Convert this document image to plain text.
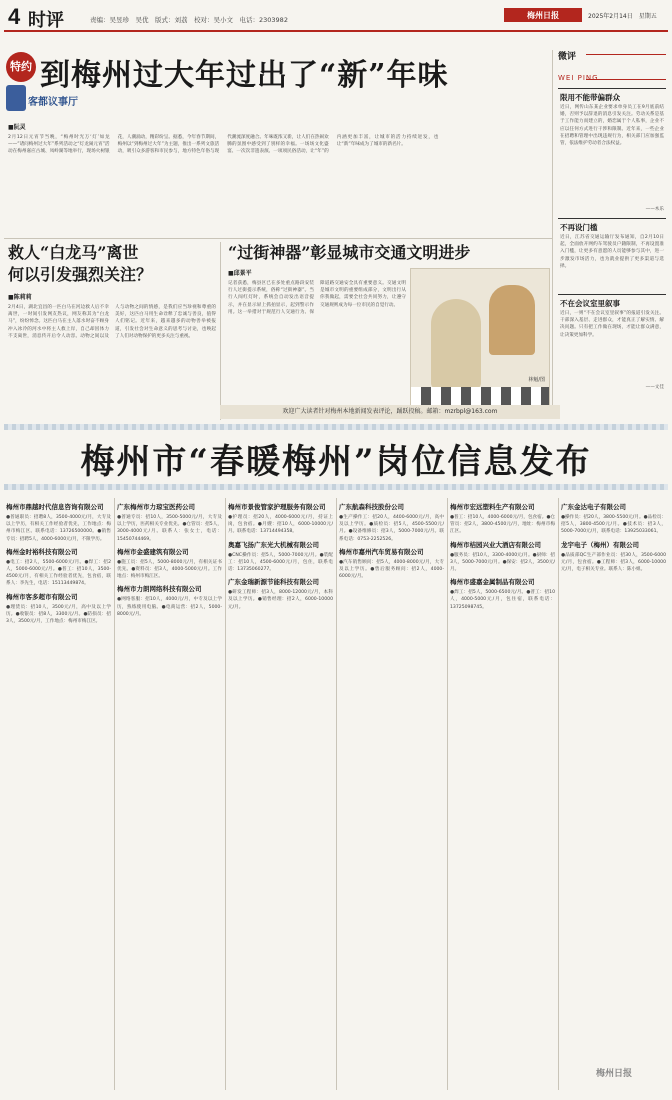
4 时评	责编：吴昱珍　吴优　版式：刘荔　校对：吴小文　电话：2303982	梅州日报	2025年2月14日　星期五
特约 到梅州过大年过出了“新”年味
客都议事厅
■阮灵
2月12日元宵节当晚，“梅州时光万‘灯’如龙——”诸问梅州过大年”系列活动之“灯龙闹元宵”活动在梅州嘉应古城、凤岭湖等地举行，现场火树银花，人潮涌动，精彩纷呈。据悉，今年春节期间，梅州以“到梅州过大年”为主题，推出一系列文旅活动，吸引众多游客和市民参与，地方特色年俗与现代潮流深度融合。年味既浓又新，让人们在热闹欢腾的氛围中感受到了别样的幸福。一场场文化盛宴、一次次非遗表演、一项项民俗活动，让“年”的内涵更加丰富，让城市的活力持续迸发，也让“新”年味成为了城市的新名片。
微评
WEI PING
限用不能带偏群众
近日，网传山东某企业要求单身员工在9月底前结婚，否则予以辞退的消息引发关注。劳动关系是基于工作能力而建立的，婚恋属于个人私事，企业不应以任何方式进行干涉和限制。近年来，一些企业在招聘和管理中出现违规行为，相关部门应加强监管，依法维护劳动者合法权益。
——木乐
不再设门槛
近日，江苏省交通运输厅发布通知，自2月10日起，全面放开网约车驾驶员户籍限制，不再设置准入门槛，让更多有意愿的人员能够参与其中，进一步激发市场活力，也为就业提供了更多渠道与选择。
不在会议室里叙事
近日，一则“不在会议室里叙事”的报道引发关注。干部深入基层、走进群众，才能真正了解实情、解决问题。只有把工作做在现场，才能让群众满意，让决策更加科学。
——文佳
救人“白龙马”离世
何以引发强烈关注？
■陈莉莉
2月4日，湖北宜昌的一匹白马在河边救人后不幸离世，一时间引发网友热议，网友称其为“白龙马”，纷纷悼念。这匹白马在主人落水时奋不顾身冲入冰冷的河水中将主人救上岸，自己却因体力不支离世，消息传开后令人动容。动物之间以及人与动物之间的情感，是我们应当珍视和尊重的美好，这匹白马用生命诠释了忠诚与善良，值得人们铭记。近年来，越来越多的动物善举被报道，引发社会对生命意义的思考与讨论，也唤起了人们对动物保护的更多关注与重视。
“过街神器”彰显城市交通文明进步
■邱景平
记者获悉，梅县区已在多处重点路段安装行人过街提示系统，俗称“过街神器”。当行人闯红灯时，系统会自动发出语音提示，并在显示屏上抓拍显示，起到警示作用。这一举措对于规范行人交通行为、保障道路交通安全具有重要意义。交通文明是城市文明的重要组成部分，文明出行从你我做起，需要全社会共同努力，让遵守交通规则成为每一位市民的自觉行动。
林魁/图
欢迎广大读者针对梅州本地新闻发表评论，踊跃投稿。邮箱：mzrbpl@163.com
梅州市“春暖梅州”岗位信息发布
梅州市鼎越时代信息咨询有限公司
●普通职员：招聘8人，3500-4000元/月，大专及以上学历，有相关工作经验者优先，工作地点：梅州市梅江区。联系电话：13726500000。●销售专员：招聘5人，4000-6000元/月，不限学历。
梅州金时裕科技有限公司
●电工：招2人，5500-6000元/月。●焊工：招2人，5000-6000元/月。●普工：招10人，3500-4500元/月，有相关工作经验者优先，包食宿，联系人：李先生，电话：15113449874。
梅州市客多超市有限公司
●理货员：招10人，3500元/月，高中及以上学历。●收银员：招8人，3300元/月。●防损员：招3人，3500元/月，工作地点：梅州市梅江区。
广东梅州市力琼宝医药公司
●普通专员：招10人，3500-5000元/月，大专及以上学历，医药相关专业优先。●仓管员：招5人，3000-4000元/月。联系人：张女士，电话：15450744469。
梅州市金盛建筑有限公司
●施工员：招5人，5000-8000元/月，有相关证书优先。●资料员：招3人，4000-5000元/月。工作地点：梅州市梅江区。
梅州市力朗网络科技有限公司
●网络客服：招10人，4000元/月，中专及以上学历，熟练使用电脑。●电商运营：招2人，5000-8000元/月。
梅州市景俊管家护理服务有限公司
●护理员：招20人，4000-6000元/月，持证上岗，包食宿。●月嫂：招10人，6000-10000元/月。联系电话：13714494358。
奥嘉飞扬广东光大机械有限公司
●CNC操作员：招5人，5000-7000元/月。●装配工：招10人，4500-6000元/月，包住，联系电话：13735060277。
广东金瑞新源节能科技有限公司
●研发工程师：招3人，8000-12000元/月，本科及以上学历。●销售经理：招2人，6000-10000元/月。
广东航森科技股份公司
●生产操作工：招20人，4400-6000元/月，高中及以上学历。●质检员：招5人，4500-5500元/月。●设备维修员：招3人，5000-7000元/月。联系电话：0753-2252526。
梅州市嘉州汽车贸易有限公司
●汽车销售顾问：招5人，4000-8000元/月，大专及以上学历。●售后服务顾问：招2人，4000-6000元/月。
梅州市宏远塑料生产有限公司
●普工：招10人，4000-6000元/月，包食宿。●仓管员：招2人，3800-4500元/月，地址：梅州市梅江区。
梅州市桔园兴业大酒店有限公司
●服务员：招10人，3300-4000元/月。●厨师：招3人，5000-7000元/月。●保安：招2人，3500元/月。
梅州市盛嘉金属制品有限公司
●焊工：招5人，5000-6500元/月。●普工：招10人，4000-5000元/月，包住宿，联系电话：13725098745。
广东金达电子有限公司
●操作员：招20人，3800-5500元/月。●品检员：招5人，3800-4500元/月。●技术员：招3人，5000-7000元/月，联系电话：13925033061。
龙宇电子（梅州）有限公司
●品质部QC生产部作业员：招30人，3500-6000元/月，包食宿。●工程师：招3人，6000-10000元/月，电子相关专业。联系人：陈小姐。
梅州日报
